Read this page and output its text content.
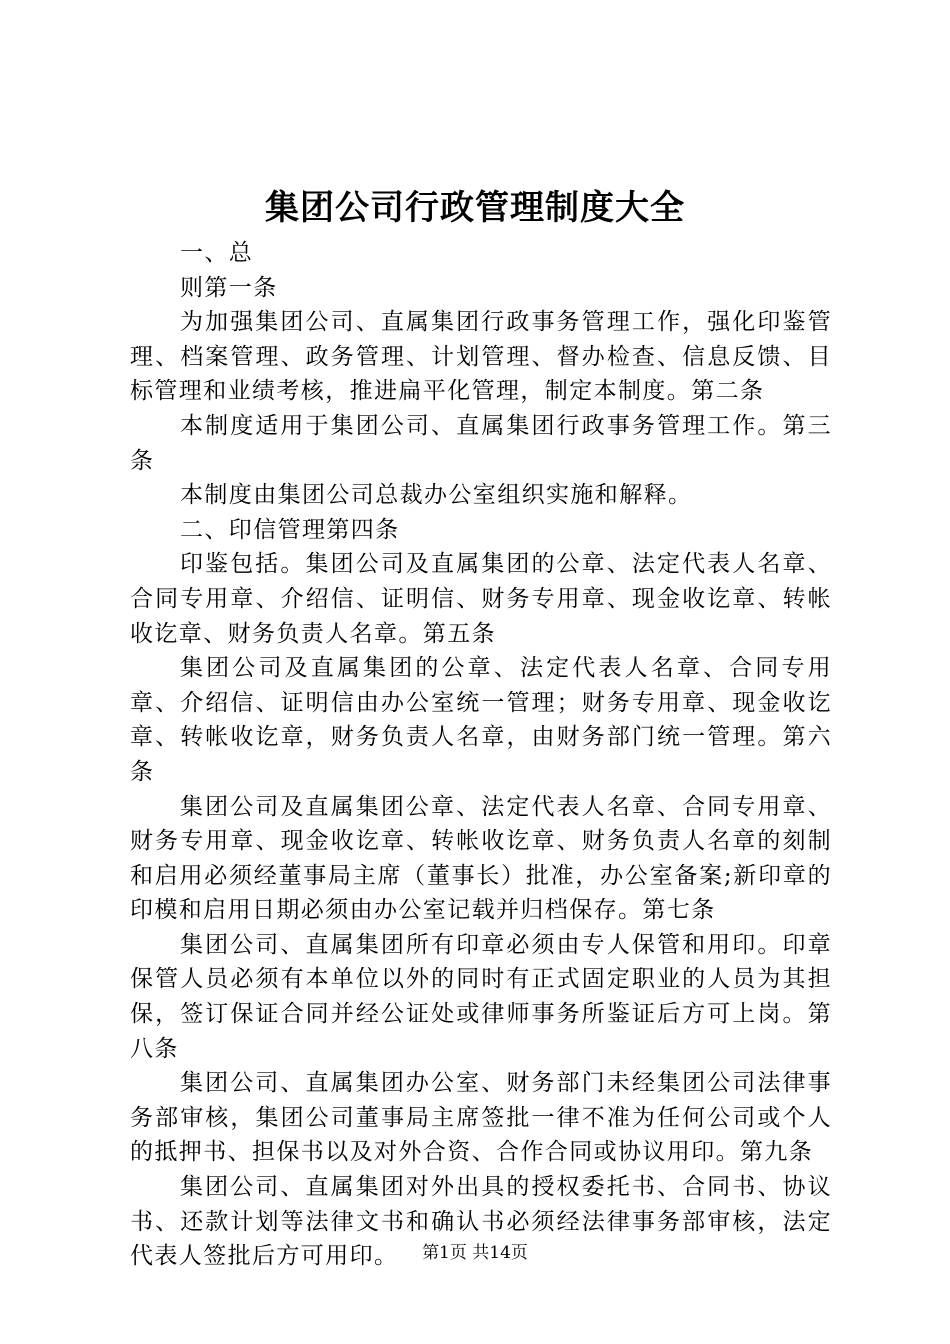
集团公司行政管理制度大全

一、总

则第一条

为加强集团公司、直属集团行政事务管理工作，强化印鉴管理、档案管理、政务管理、计划管理、督办检查、信息反馈、目标管理和业绩考核，推进扁平化管理，制定本制度。第二条

本制度适用于集团公司、直属集团行政事务管理工作。第三条

本制度由集团公司总裁办公室组织实施和解释。

二、印信管理第四条

印鉴包括。集团公司及直属集团的公章、法定代表人名章、合同专用章、介绍信、证明信、财务专用章、现金收讫章、转帐收讫章、财务负责人名章。第五条

集团公司及直属集团的公章、法定代表人名章、合同专用章、介绍信、证明信由办公室统一管理；财务专用章、现金收讫章、转帐收讫章，财务负责人名章，由财务部门统一管理。第六条

集团公司及直属集团公章、法定代表人名章、合同专用章、财务专用章、现金收讫章、转帐收讫章、财务负责人名章的刻制和启用必须经董事局主席（董事长）批准，办公室备案;新印章的印模和启用日期必须由办公室记载并归档保存。第七条

集团公司、直属集团所有印章必须由专人保管和用印。印章保管人员必须有本单位以外的同时有正式固定职业的人员为其担保，签订保证合同并经公证处或律师事务所鉴证后方可上岗。第八条

集团公司、直属集团办公室、财务部门未经集团公司法律事务部审核，集团公司董事局主席签批一律不准为任何公司或个人的抵押书、担保书以及对外合资、合作合同或协议用印。第九条

集团公司、直属集团对外出具的授权委托书、合同书、协议书、还款计划等法律文书和确认书必须经法律事务部审核，法定代表人签批后方可用印。	第1页 共14页
